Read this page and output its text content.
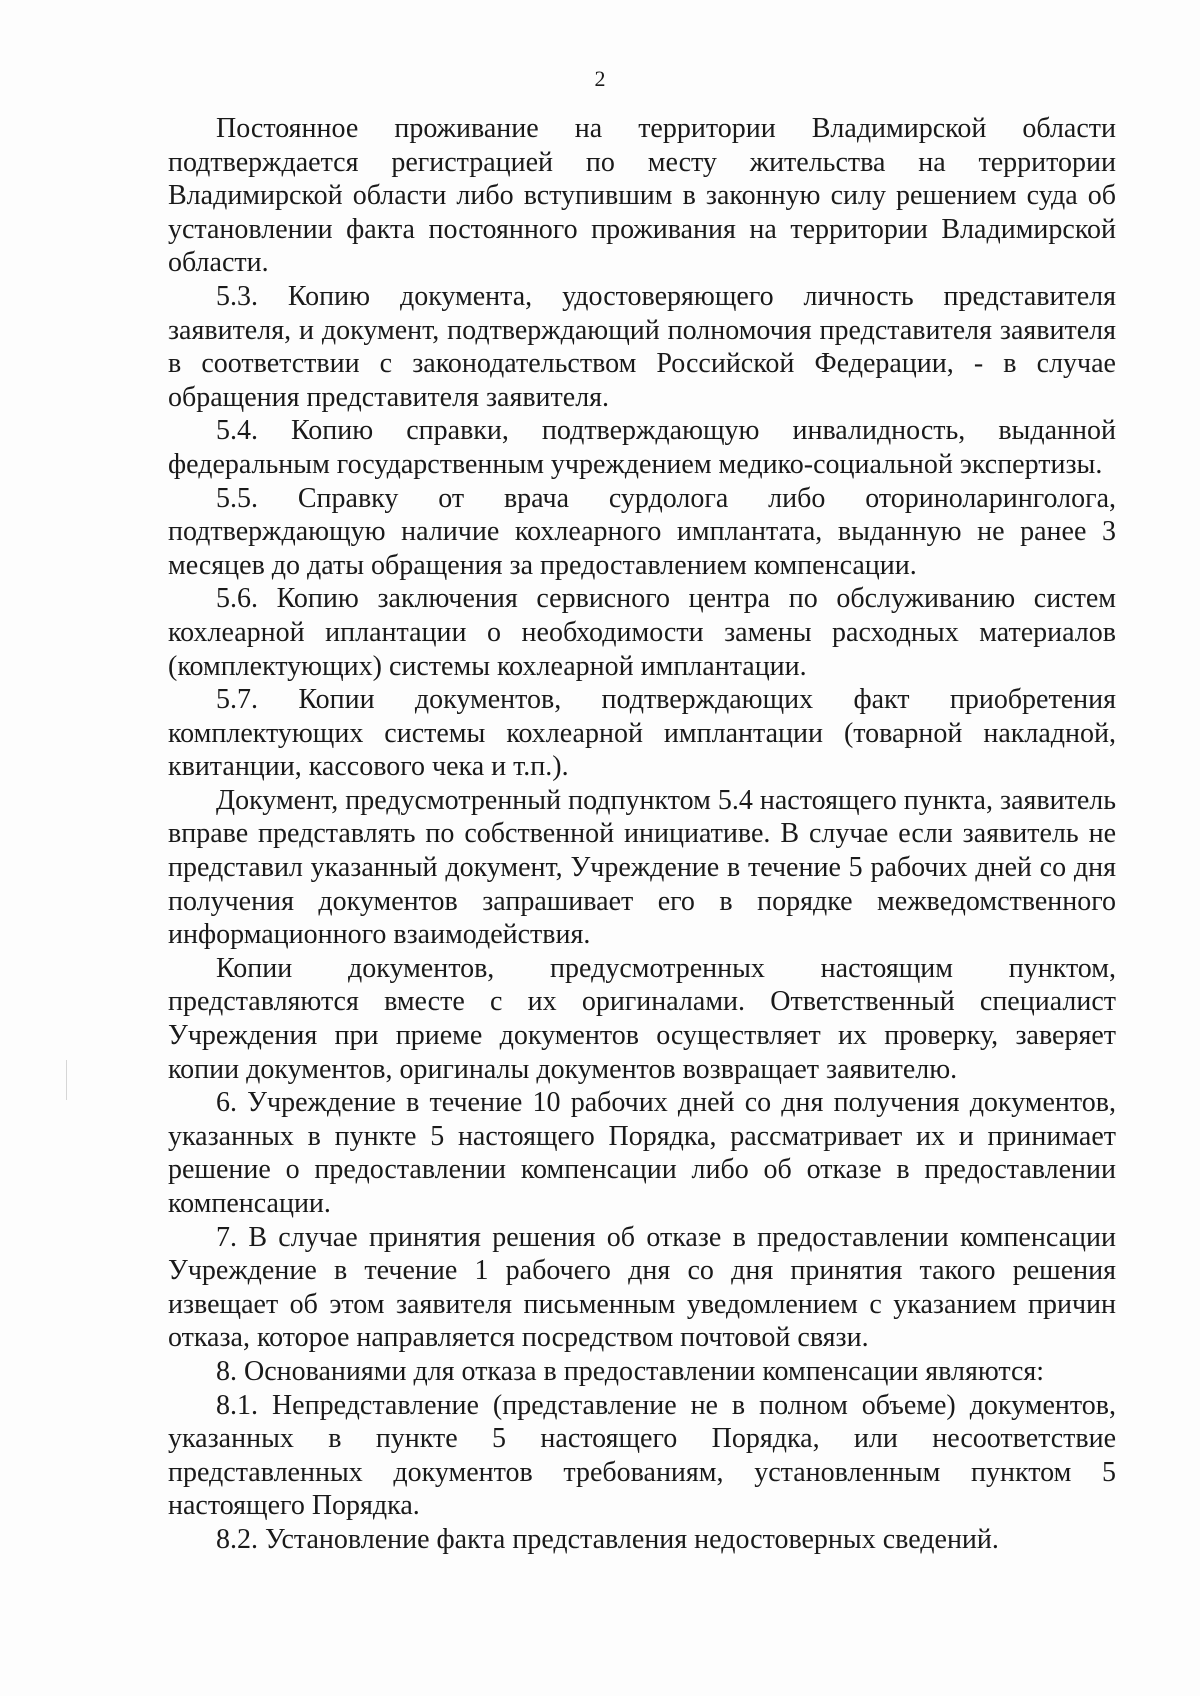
2

Постоянное проживание на территории Владимирской области подтверждается регистрацией по месту жительства на территории Владимирской области либо вступившим в законную силу решением суда об установлении факта постоянного проживания на территории Владимирской области.

5.3. Копию документа, удостоверяющего личность представителя заявителя, и документ, подтверждающий полномочия представителя заявителя в соответствии с законодательством Российской Федерации, - в случае обращения представителя заявителя.

5.4. Копию справки, подтверждающую инвалидность, выданной федеральным государственным учреждением медико-социальной экспертизы.

5.5. Справку от врача сурдолога либо оториноларинголога, подтверждающую наличие кохлеарного имплантата, выданную не ранее 3 месяцев до даты обращения за предоставлением компенсации.

5.6. Копию заключения сервисного центра по обслуживанию систем кохлеарной иплантации о необходимости замены расходных материалов (комплектующих) системы кохлеарной имплантации.

5.7. Копии документов, подтверждающих факт приобретения комплектующих системы кохлеарной имплантации (товарной накладной, квитанции, кассового чека и т.п.).

Документ, предусмотренный подпунктом 5.4 настоящего пункта, заявитель вправе представлять по собственной инициативе. В случае если заявитель не представил указанный документ, Учреждение в течение 5 рабочих дней со дня получения документов запрашивает его в порядке межведомственного информационного взаимодействия.

Копии документов, предусмотренных настоящим пунктом, представляются вместе с их оригиналами. Ответственный специалист Учреждения при приеме документов осуществляет их проверку, заверяет копии документов, оригиналы документов возвращает заявителю.

6. Учреждение в течение 10 рабочих дней со дня получения документов, указанных в пункте 5 настоящего Порядка, рассматривает их и принимает решение о предоставлении компенсации либо об отказе в предоставлении компенсации.

7. В случае принятия решения об отказе в предоставлении компенсации Учреждение в течение 1 рабочего дня со дня принятия такого решения извещает об этом заявителя письменным уведомлением с указанием причин отказа, которое направляется посредством почтовой связи.

8. Основаниями для отказа в предоставлении компенсации являются:

8.1. Непредставление (представление не в полном объеме) документов, указанных в пункте 5 настоящего Порядка, или несоответствие представленных документов требованиям, установленным пунктом 5 настоящего Порядка.

8.2. Установление факта представления недостоверных сведений.
